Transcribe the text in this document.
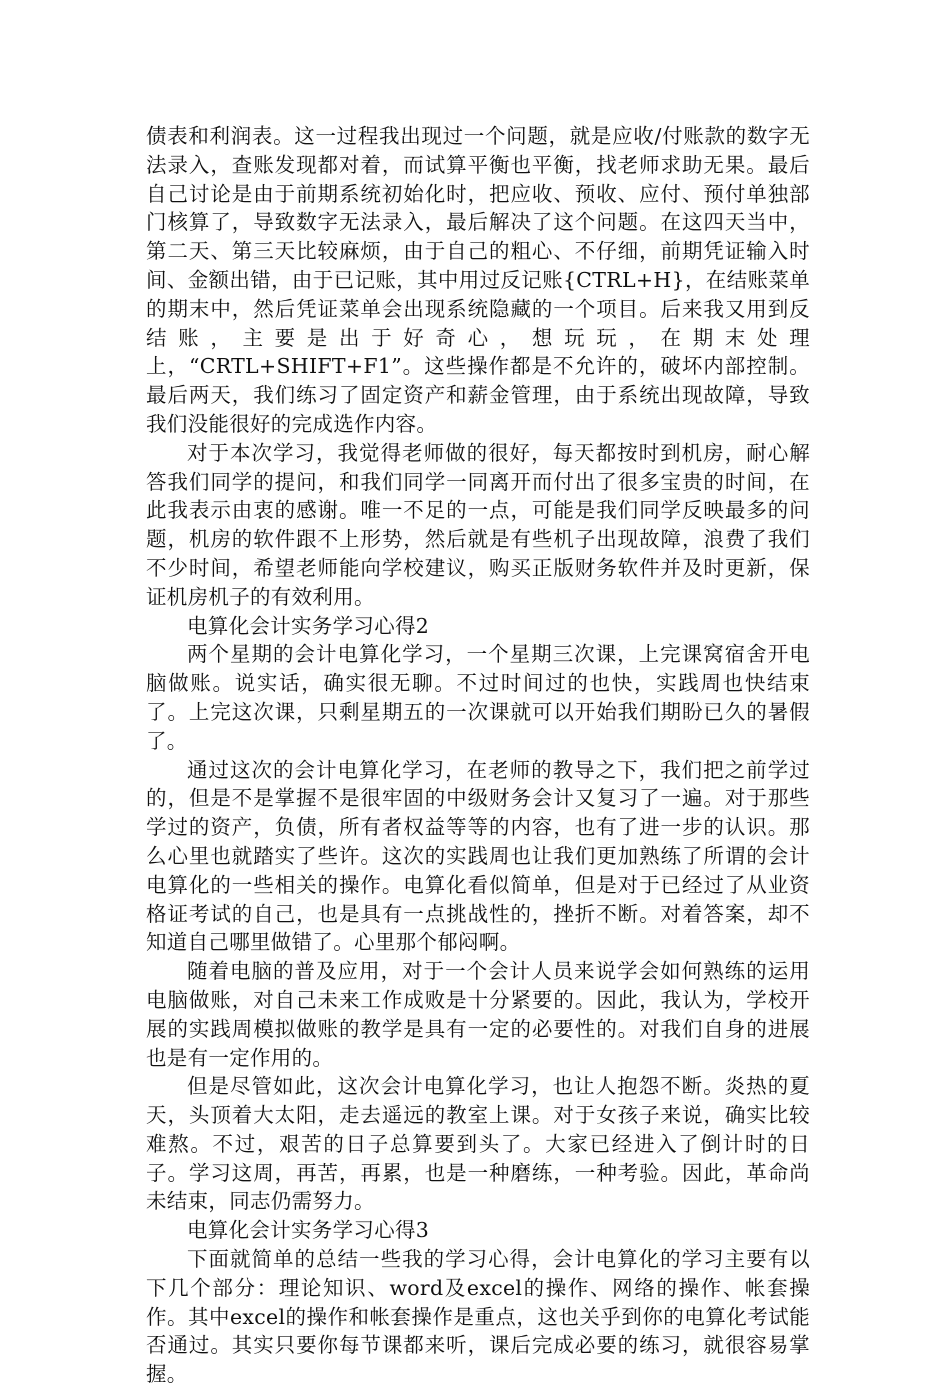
债表和利润表。这一过程我出现过一个问题，就是应收/付账款的数字无法录入，查账发现都对着，而试算平衡也平衡，找老师求助无果。最后自己讨论是由于前期系统初始化时，把应收、预收、应付、预付单独部门核算了，导致数字无法录入，最后解决了这个问题。在这四天当中，第二天、第三天比较麻烦，由于自己的粗心、不仔细，前期凭证输入时间、金额出错，由于已记账，其中用过反记账{CTRL+H}，在结账菜单的期末中，然后凭证菜单会出现系统隐藏的一个项目。后来我又用到反结账，主要是出于好奇心，想玩玩，在期末处理上，“CRTL+SHIFT+F1”。这些操作都是不允许的，破坏内部控制。最后两天，我们练习了固定资产和薪金管理，由于系统出现故障，导致我们没能很好的完成选作内容。

对于本次学习，我觉得老师做的很好，每天都按时到机房，耐心解答我们同学的提问，和我们同学一同离开而付出了很多宝贵的时间，在此我表示由衷的感谢。唯一不足的一点，可能是我们同学反映最多的问题，机房的软件跟不上形势，然后就是有些机子出现故障，浪费了我们不少时间，希望老师能向学校建议，购买正版财务软件并及时更新，保证机房机子的有效利用。

电算化会计实务学习心得2

两个星期的会计电算化学习，一个星期三次课，上完课窝宿舍开电脑做账。说实话，确实很无聊。不过时间过的也快，实践周也快结束了。上完这次课，只剩星期五的一次课就可以开始我们期盼已久的暑假了。

通过这次的会计电算化学习，在老师的教导之下，我们把之前学过的，但是不是掌握不是很牢固的中级财务会计又复习了一遍。对于那些学过的资产，负债，所有者权益等等的内容，也有了进一步的认识。那么心里也就踏实了些许。这次的实践周也让我们更加熟练了所谓的会计电算化的一些相关的操作。电算化看似简单，但是对于已经过了从业资格证考试的自己，也是具有一点挑战性的，挫折不断。对着答案，却不知道自己哪里做错了。心里那个郁闷啊。

随着电脑的普及应用，对于一个会计人员来说学会如何熟练的运用电脑做账，对自己未来工作成败是十分紧要的。因此，我认为，学校开展的实践周模拟做账的教学是具有一定的必要性的。对我们自身的进展也是有一定作用的。

但是尽管如此，这次会计电算化学习，也让人抱怨不断。炎热的夏天，头顶着大太阳，走去遥远的教室上课。对于女孩子来说，确实比较难熬。不过，艰苦的日子总算要到头了。大家已经进入了倒计时的日子。学习这周，再苦，再累，也是一种磨练，一种考验。因此，革命尚未结束，同志仍需努力。

电算化会计实务学习心得3

下面就简单的总结一些我的学习心得，会计电算化的学习主要有以下几个部分：理论知识、word及excel的操作、网络的操作、帐套操作。其中excel的操作和帐套操作是重点，这也关乎到你的电算化考试能否通过。其实只要你每节课都来听，课后完成必要的练习，就很容易掌握。
